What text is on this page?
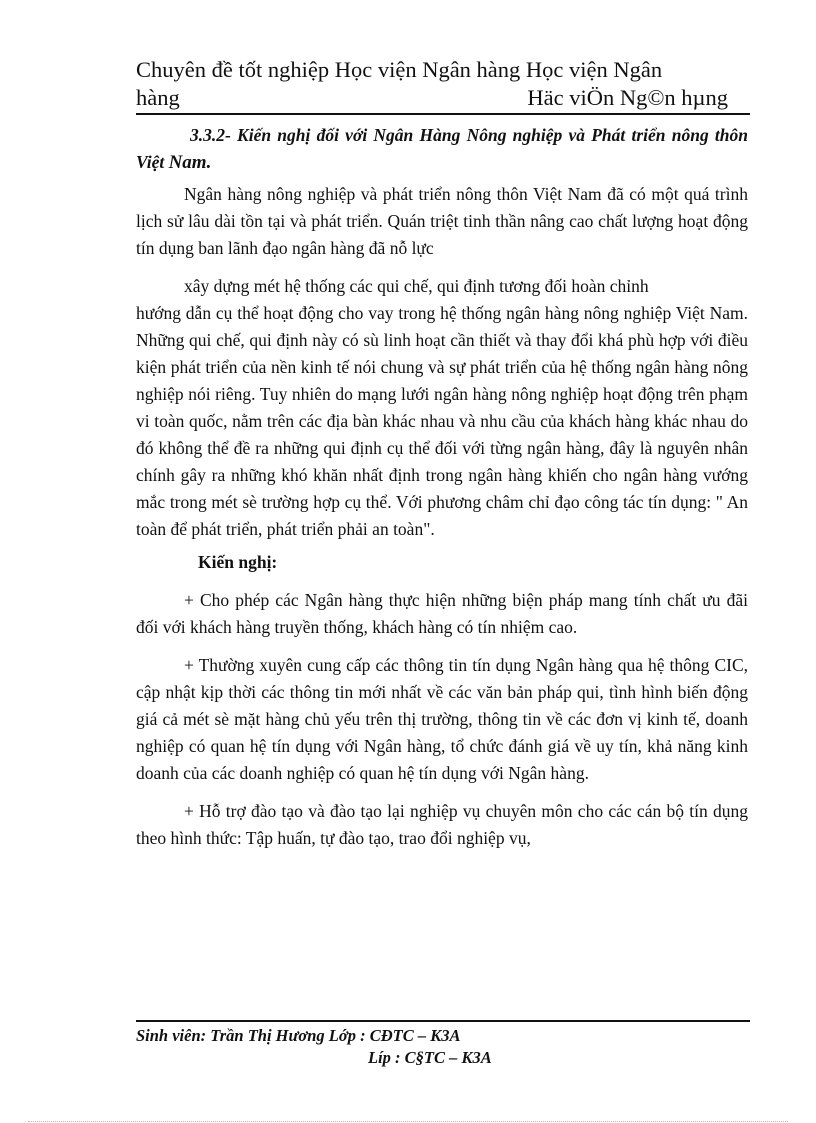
Chuyên đề tốt nghiệp Học viện Ngân hàng Học viện Ngân
hàng	Häc viÖn Ng©n hµng

3.3.2- Kiến nghị đối với Ngân Hàng Nông nghiệp và Phát triển nông thôn Việt Nam.

Ngân hàng nông nghiệp và phát triển nông thôn Việt Nam đã có một quá trình lịch sử lâu dài tồn tại và phát triển. Quán triệt tinh thần nâng cao chất lượng hoạt động tín dụng ban lãnh đạo ngân hàng đã nỗ lực

xây dựng mét hệ thống các qui chế, qui định tương đối hoàn chỉnh

hướng dẫn cụ thể hoạt động cho vay trong hệ thống ngân hàng nông nghiệp Việt Nam. Những qui chế, qui định này có sù linh hoạt cần thiết và thay đổi khá phù hợp với điều kiện phát triển của nền kinh tế nói chung và sự phát triển của hệ thống ngân hàng nông nghiệp nói riêng. Tuy nhiên do mạng lưới ngân hàng nông nghiệp hoạt động trên phạm vi toàn quốc, nằm trên các địa bàn khác nhau và nhu cầu của khách hàng khác nhau do đó không thể đề ra những qui định cụ thể đối với từng ngân hàng, đây là nguyên nhân chính gây ra những khó khăn nhất định trong ngân hàng khiến cho ngân hàng vướng mắc trong mét sè trường hợp cụ thể. Với phương châm chỉ đạo công tác tín dụng: " An toàn để phát triển, phát triển phải an toàn".

Kiến nghị:

+ Cho phép các Ngân hàng thực hiện những biện pháp mang tính chất ưu đãi đối với khách hàng truyền thống, khách hàng có tín nhiệm cao.

+ Thường xuyên cung cấp các thông tin tín dụng Ngân hàng qua hệ thông CIC, cập nhật kịp thời các thông tin mới nhất về các văn bản pháp qui, tình hình biến động giá cả mét sè mặt hàng chủ yếu trên thị trường, thông tin về các đơn vị kinh tế, doanh nghiệp có quan hệ tín dụng với Ngân hàng, tổ chức đánh giá về uy tín, khả năng kinh doanh của các doanh nghiệp có quan hệ tín dụng với Ngân hàng.

+ Hỗ trợ đào tạo và đào tạo lại nghiệp vụ chuyên môn cho các cán bộ tín dụng theo hình thức: Tập huấn, tự đào tạo, trao đổi nghiệp vụ,

Sinh viên: Trần Thị Hương Lớp : CĐTC – K3A
Líp : C§TC – K3A
